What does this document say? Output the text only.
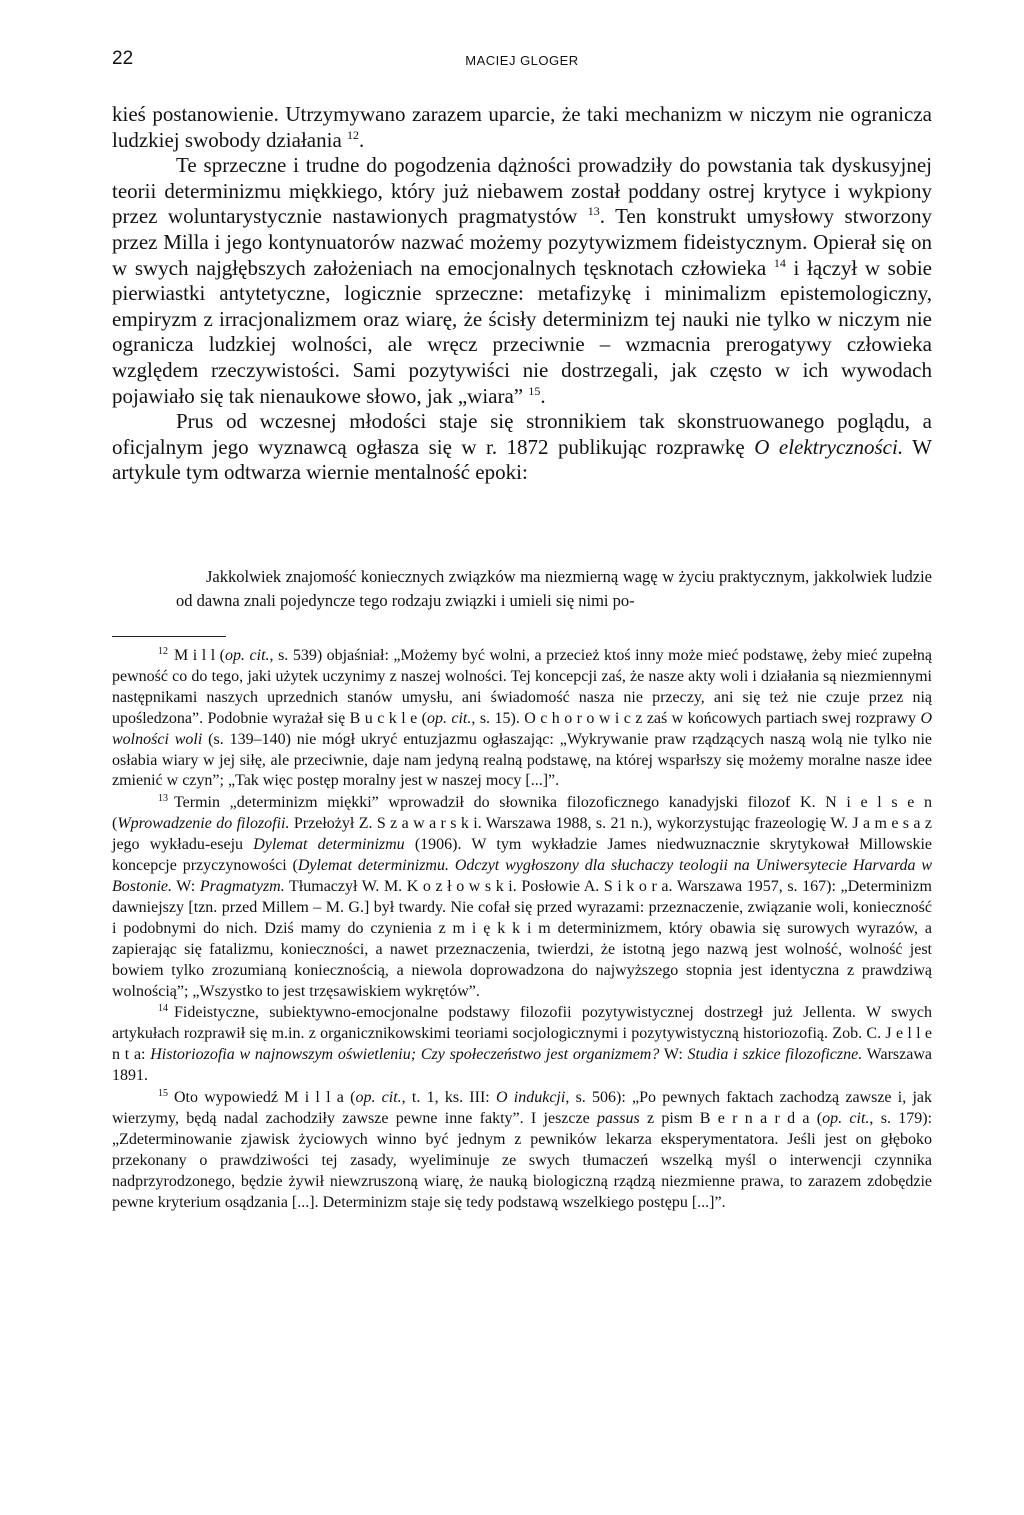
22	MACIEJ GLOGER

kieś postanowienie. Utrzymywano zarazem uparcie, że taki mechanizm w niczym nie ogranicza ludzkiej swobody działania $^{12}$.

Te sprzeczne i trudne do pogodzenia dążności prowadziły do powstania tak dyskusyjnej teorii determinizmu miękkiego, który już niebawem został poddany ostrej krytyce i wykpiony przez woluntarystycznie nastawionych pragmatystów $^{13}$. Ten konstrukt umysłowy stworzony przez Milla i jego kontynuatorów nazwać możemy pozytywizmem fideistycznym. Opierał się on w swych najgłębszych założeniach na emocjonalnych tęsknotach człowieka $^{14}$ i łączył w sobie pierwiastki antytetyczne, logicznie sprzeczne: metafizykę i minimalizm epistemologiczny, empiryzm z irracjonalizmem oraz wiarę, że ścisły determinizm tej nauki nie tylko w niczym nie ogranicza ludzkiej wolności, ale wręcz przeciwnie – wzmacnia prerogatywy człowieka względem rzeczywistości. Sami pozytywiści nie dostrzegali, jak często w ich wywodach pojawiało się tak nienaukowe słowo, jak „wiara” $^{15}$.

Prus od wczesnej młodości staje się stronnikiem tak skonstruowanego poglądu, a oficjalnym jego wyznawcą ogłasza się w r. 1872 publikując rozprawkę O elektryczności. W artykule tym odtwarza wiernie mentalność epoki:

Jakkolwiek znajomość koniecznych związków ma niezmierną wagę w życiu praktycznym, jakkolwiek ludzie od dawna znali pojedyncze tego rodzaju związki i umieli się nimi po-

$^{12}$ M i l l (op. cit., s. 539) objaśniał: „Możemy być wolni, a przecież ktoś inny może mieć podstawę, żeby mieć zupełną pewność co do tego, jaki użytek uczynimy z naszej wolności. Tej koncepcji zaś, że nasze akty woli i działania są niezmiennymi następnikami naszych uprzednich stanów umysłu, ani świadomość nasza nie przeczy, ani się też nie czuje przez nią upośledzona”. Podobnie wyrażał się B u c k l e (op. cit., s. 15). O c h o r o w i c z zaś w końcowych partiach swej rozprawy O wolności woli (s. 139–140) nie mógł ukryć entuzjazmu ogłaszając: „Wykrywanie praw rządzących naszą wolą nie tylko nie osłabia wiary w jej siłę, ale przeciwnie, daje nam jedyną realną podstawę, na której wsparłszy się możemy moralne nasze idee zmienić w czyn”; „Tak więc postęp moralny jest w naszej mocy [...]”.

$^{13}$ Termin „determinizm miękki” wprowadził do słownika filozoficznego kanadyjski filozof K. N i e l s e n (Wprowadzenie do filozofii. Przełożył Z. S z a w a r s k i. Warszawa 1988, s. 21 n.), wykorzystując frazeologię W. J a m e s a z jego wykładu-eseju Dylemat determinizmu (1906). W tym wykładzie James niedwuznacznie skrytykował Millowskie koncepcje przyczynowości (Dylemat determinizmu. Odczyt wygłoszony dla słuchaczy teologii na Uniwersytecie Harvarda w Bostonie. W: Pragmatyzm. Tłumaczył W. M. K o z ł o w s k i. Posłowie A. S i k o r a. Warszawa 1957, s. 167): „Determinizm dawniejszy [tzn. przed Millem – M. G.] był twardy. Nie cofał się przed wyrazami: przeznaczenie, związanie woli, konieczność i podobnymi do nich. Dziś mamy do czynienia z m i ę k k i m determinizmem, który obawia się surowych wyrazów, a zapierając się fatalizmu, konieczności, a nawet przeznaczenia, twierdzi, że istotną jego nazwą jest wolność, wolność jest bowiem tylko zrozumianą koniecznością, a niewola doprowadzona do najwyższego stopnia jest identyczna z prawdziwą wolnością”; „Wszystko to jest trzęsawiskiem wykrętów”.

$^{14}$ Fideistyczne, subiektywno-emocjonalne podstawy filozofii pozytywistycznej dostrzegł już Jellenta. W swych artykułach rozprawił się m.in. z organicznikowskimi teoriami socjologicznymi i pozytywistyczną historiozofią. Zob. C. J e l l e n t a: Historiozofia w najnowszym oświetleniu; Czy społeczeństwo jest organizmem? W: Studia i szkice filozoficzne. Warszawa 1891.

$^{15}$ Oto wypowiedź M i l l a (op. cit., t. 1, ks. III: O indukcji, s. 506): „Po pewnych faktach zachodzą zawsze i, jak wierzymy, będą nadal zachodziły zawsze pewne inne fakty”. I jeszcze passus z pism B e r n a r d a (op. cit., s. 179): „Zdeterminowanie zjawisk życiowych winno być jednym z pewników lekarza eksperymentatora. Jeśli jest on głęboko przekonany o prawdziwości tej zasady, wyeliminuje ze swych tłumaczeń wszelką myśl o interwencji czynnika nadprzyrodzonego, będzie żywił niewzruszoną wiarę, że nauką biologiczną rządzą niezmienne prawa, to zarazem zdobędzie pewne kryterium osądzania [...]. Determinizm staje się tedy podstawą wszelkiego postępu [...]”.
